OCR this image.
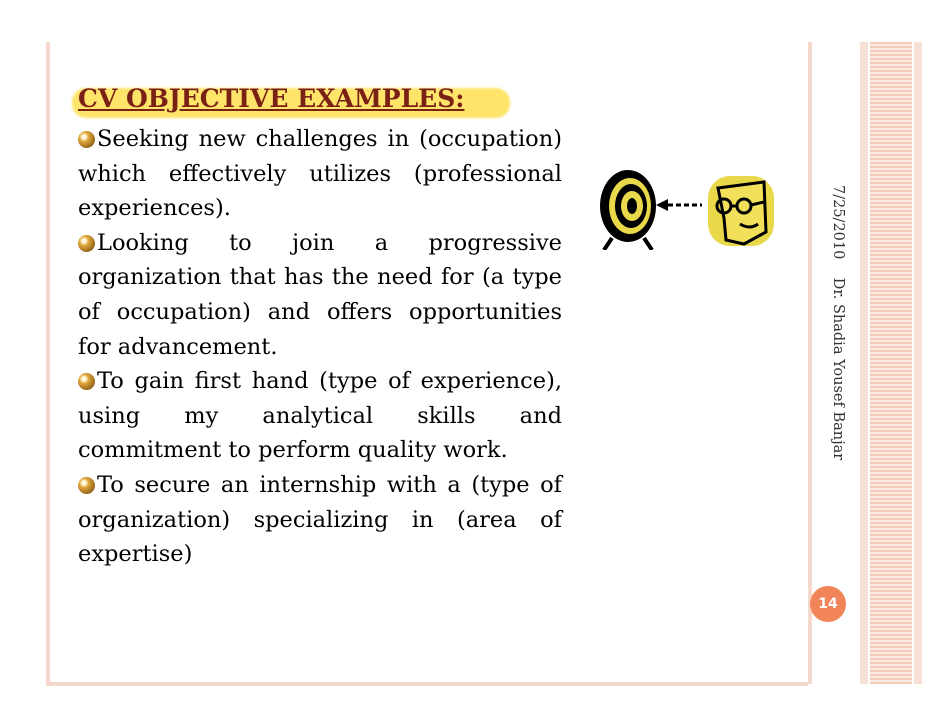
CV OBJECTIVE EXAMPLES:

Seeking new challenges in (occupation) which effectively utilizes (professional experiences).

Looking to join a progressive organization that has the need for (a type of occupation) and offers opportunities for advancement.

To gain first hand (type of experience), using my analytical skills and commitment to perform quality work.

To secure an internship with a (type of organization) specializing in (area of expertise)

7/25/2010    Dr. Shadia Yousef Banjar
14
